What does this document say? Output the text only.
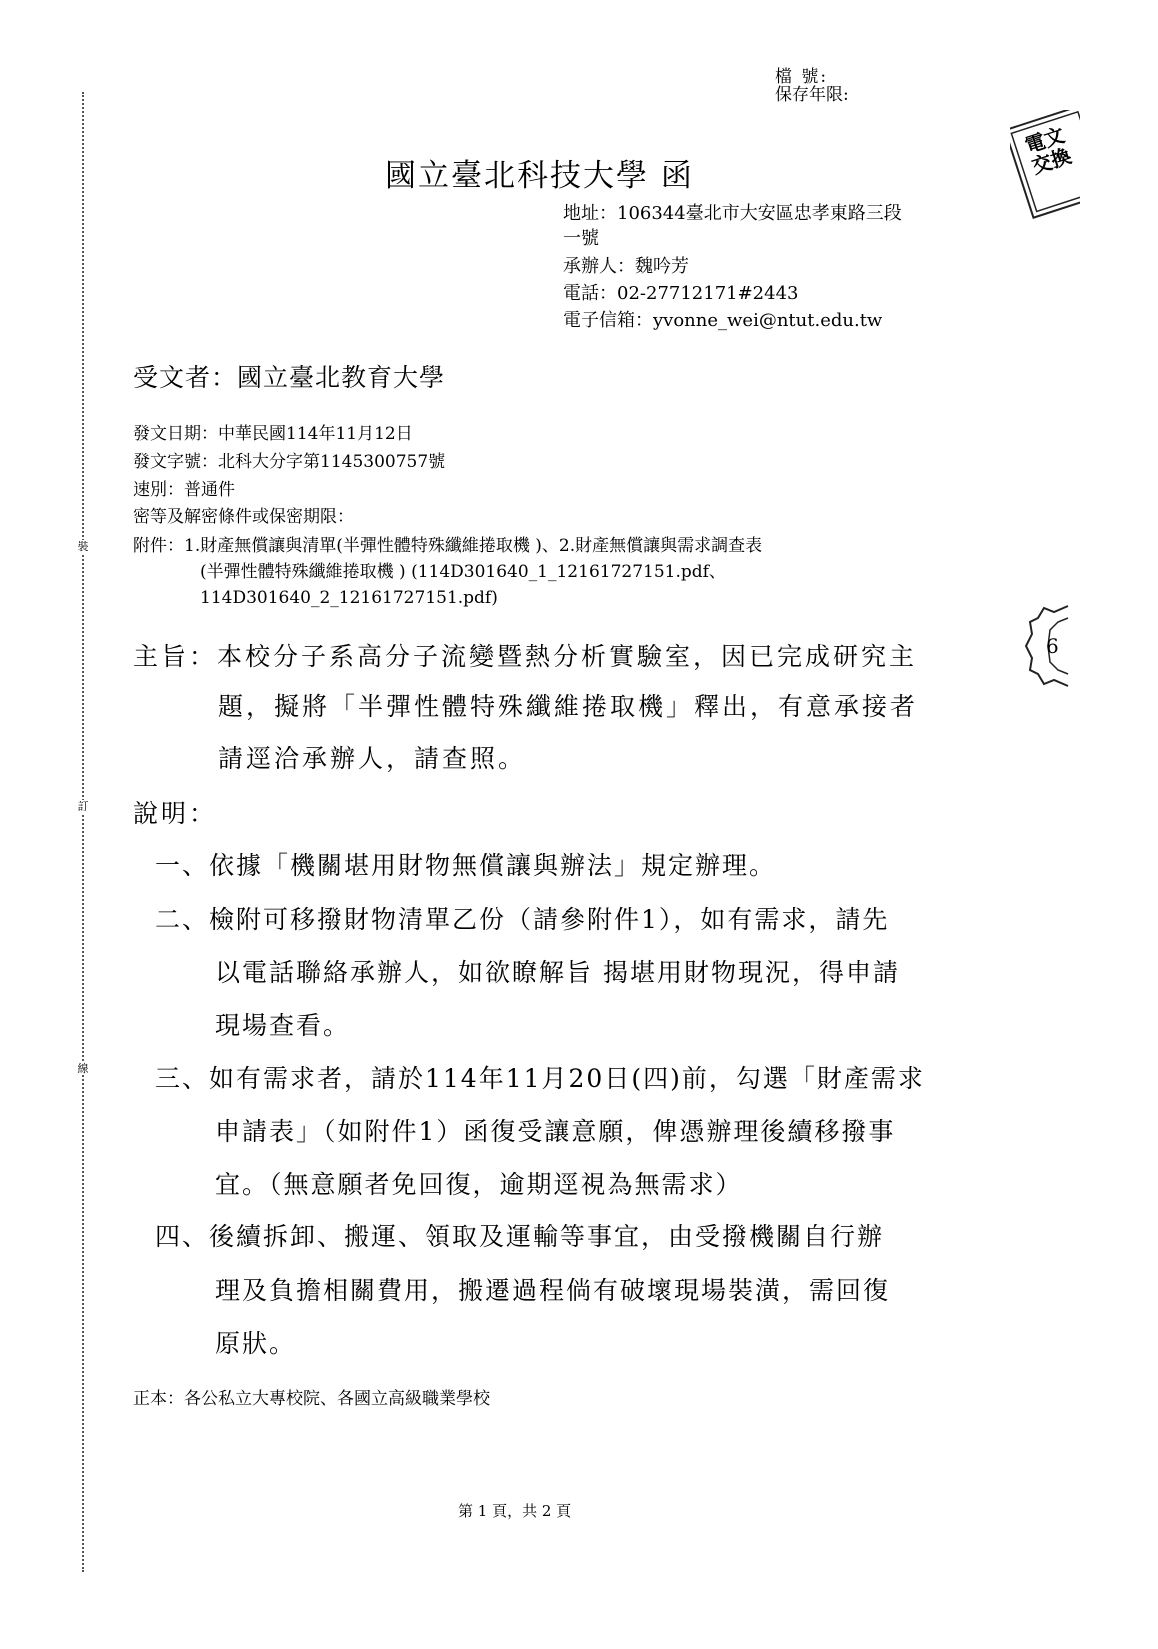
裝
訂
線
檔 號:
保存年限:
電文交換
國立臺北科技大學 函
地址：106344臺北市大安區忠孝東路三段
一號
承辦人：魏吟芳
電話：02-27712171#2443
電子信箱：yvonne_wei@ntut.edu.tw
受文者：國立臺北教育大學
發文日期：中華民國114年11月12日
發文字號：北科大分字第1145300757號
速別：普通件
密等及解密條件或保密期限：
附件：1.財產無償讓與清單(半彈性體特殊纖維捲取機 )、2.財產無償讓與需求調查表
(半彈性體特殊纖維捲取機 ) (114D301640_1_12161727151.pdf、
114D301640_2_12161727151.pdf)
6
主旨：本校分子系高分子流變暨熱分析實驗室，因已完成研究主
題，擬將「半彈性體特殊纖維捲取機」釋出，有意承接者
請逕洽承辦人，請查照。
說明：
一、依據「機關堪用財物無償讓與辦法」規定辦理。
二、檢附可移撥財物清單乙份（請參附件1），如有需求，請先
以電話聯絡承辦人，如欲瞭解旨 揭堪用財物現況，得申請
現場查看。
三、如有需求者，請於114年11月20日(四)前，勾選「財產需求
申請表」（如附件1）函復受讓意願，俾憑辦理後續移撥事
宜。（無意願者免回復，逾期逕視為無需求）
四、後續拆卸、搬運、領取及運輸等事宜，由受撥機關自行辦
理及負擔相關費用，搬遷過程倘有破壞現場裝潢，需回復
原狀。
正本：各公私立大專校院、各國立高級職業學校
第 1 頁，共 2 頁
